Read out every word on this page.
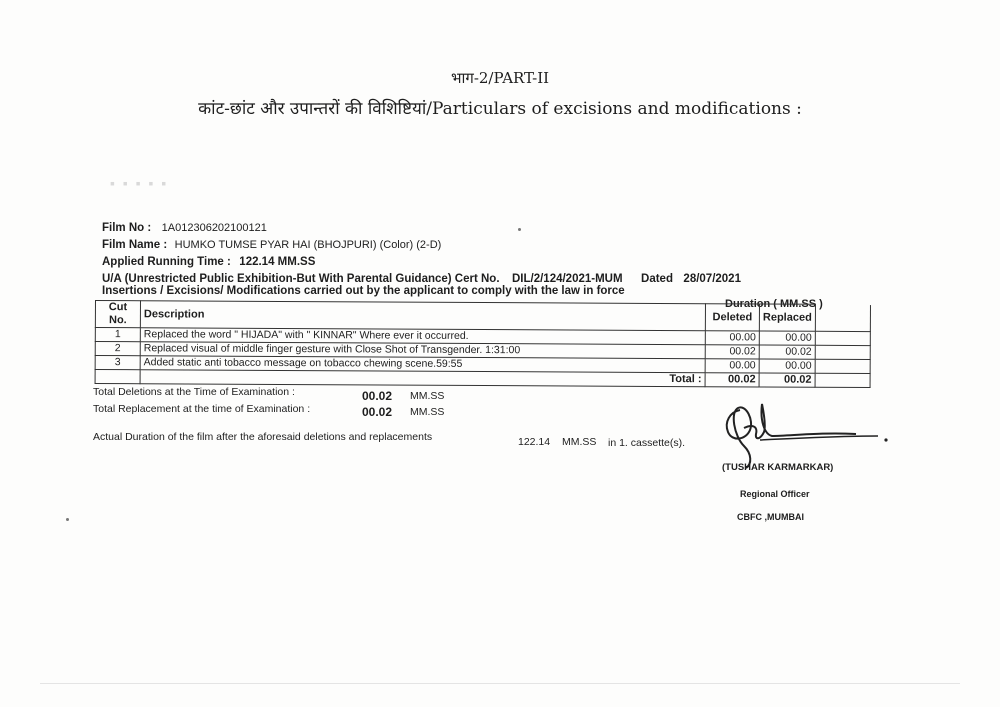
भाग-2/PART-II
कांट-छांट और उपान्तरों की विशिष्टियां/Particulars of excisions and modifications :
▪ ▪ ▪ ▪ ▪
Film No : 1A012306202100121
Film Name : HUMKO TUMSE PYAR HAI (BHOJPURI) (Color) (2-D)
Applied Running Time : 122.14 MM.SS
U/A (Unrestricted Public Exhibition-But With Parental Guidance) Cert No. DIL/2/124/2021-MUM Dated 28/07/2021
Insertions / Excisions/ Modifications carried out by the applicant to comply with the law in force
Duration ( MM.SS )
Cut No.	Description	Deleted	Replaced	
1	Replaced the word " HIJADA" with " KINNAR" Where ever it occurred.	00.00	00.00	
2	Replaced visual of middle finger gesture with Close Shot of Transgender. 1:31:00	00.02	00.02	
3	Added static anti tobacco message on tobacco chewing scene.59:55	00.00	00.00	
	Total :	00.02	00.02	
Total Deletions at the Time of Examination :	00.02 MM.SS
Total Replacement at the time of Examination :	00.02 MM.SS
Actual Duration of the film after the aforesaid deletions and replacements	122.14 MM.SS in 1. cassette(s).
(TUSHAR KARMARKAR)
Regional Officer
CBFC ,MUMBAI
